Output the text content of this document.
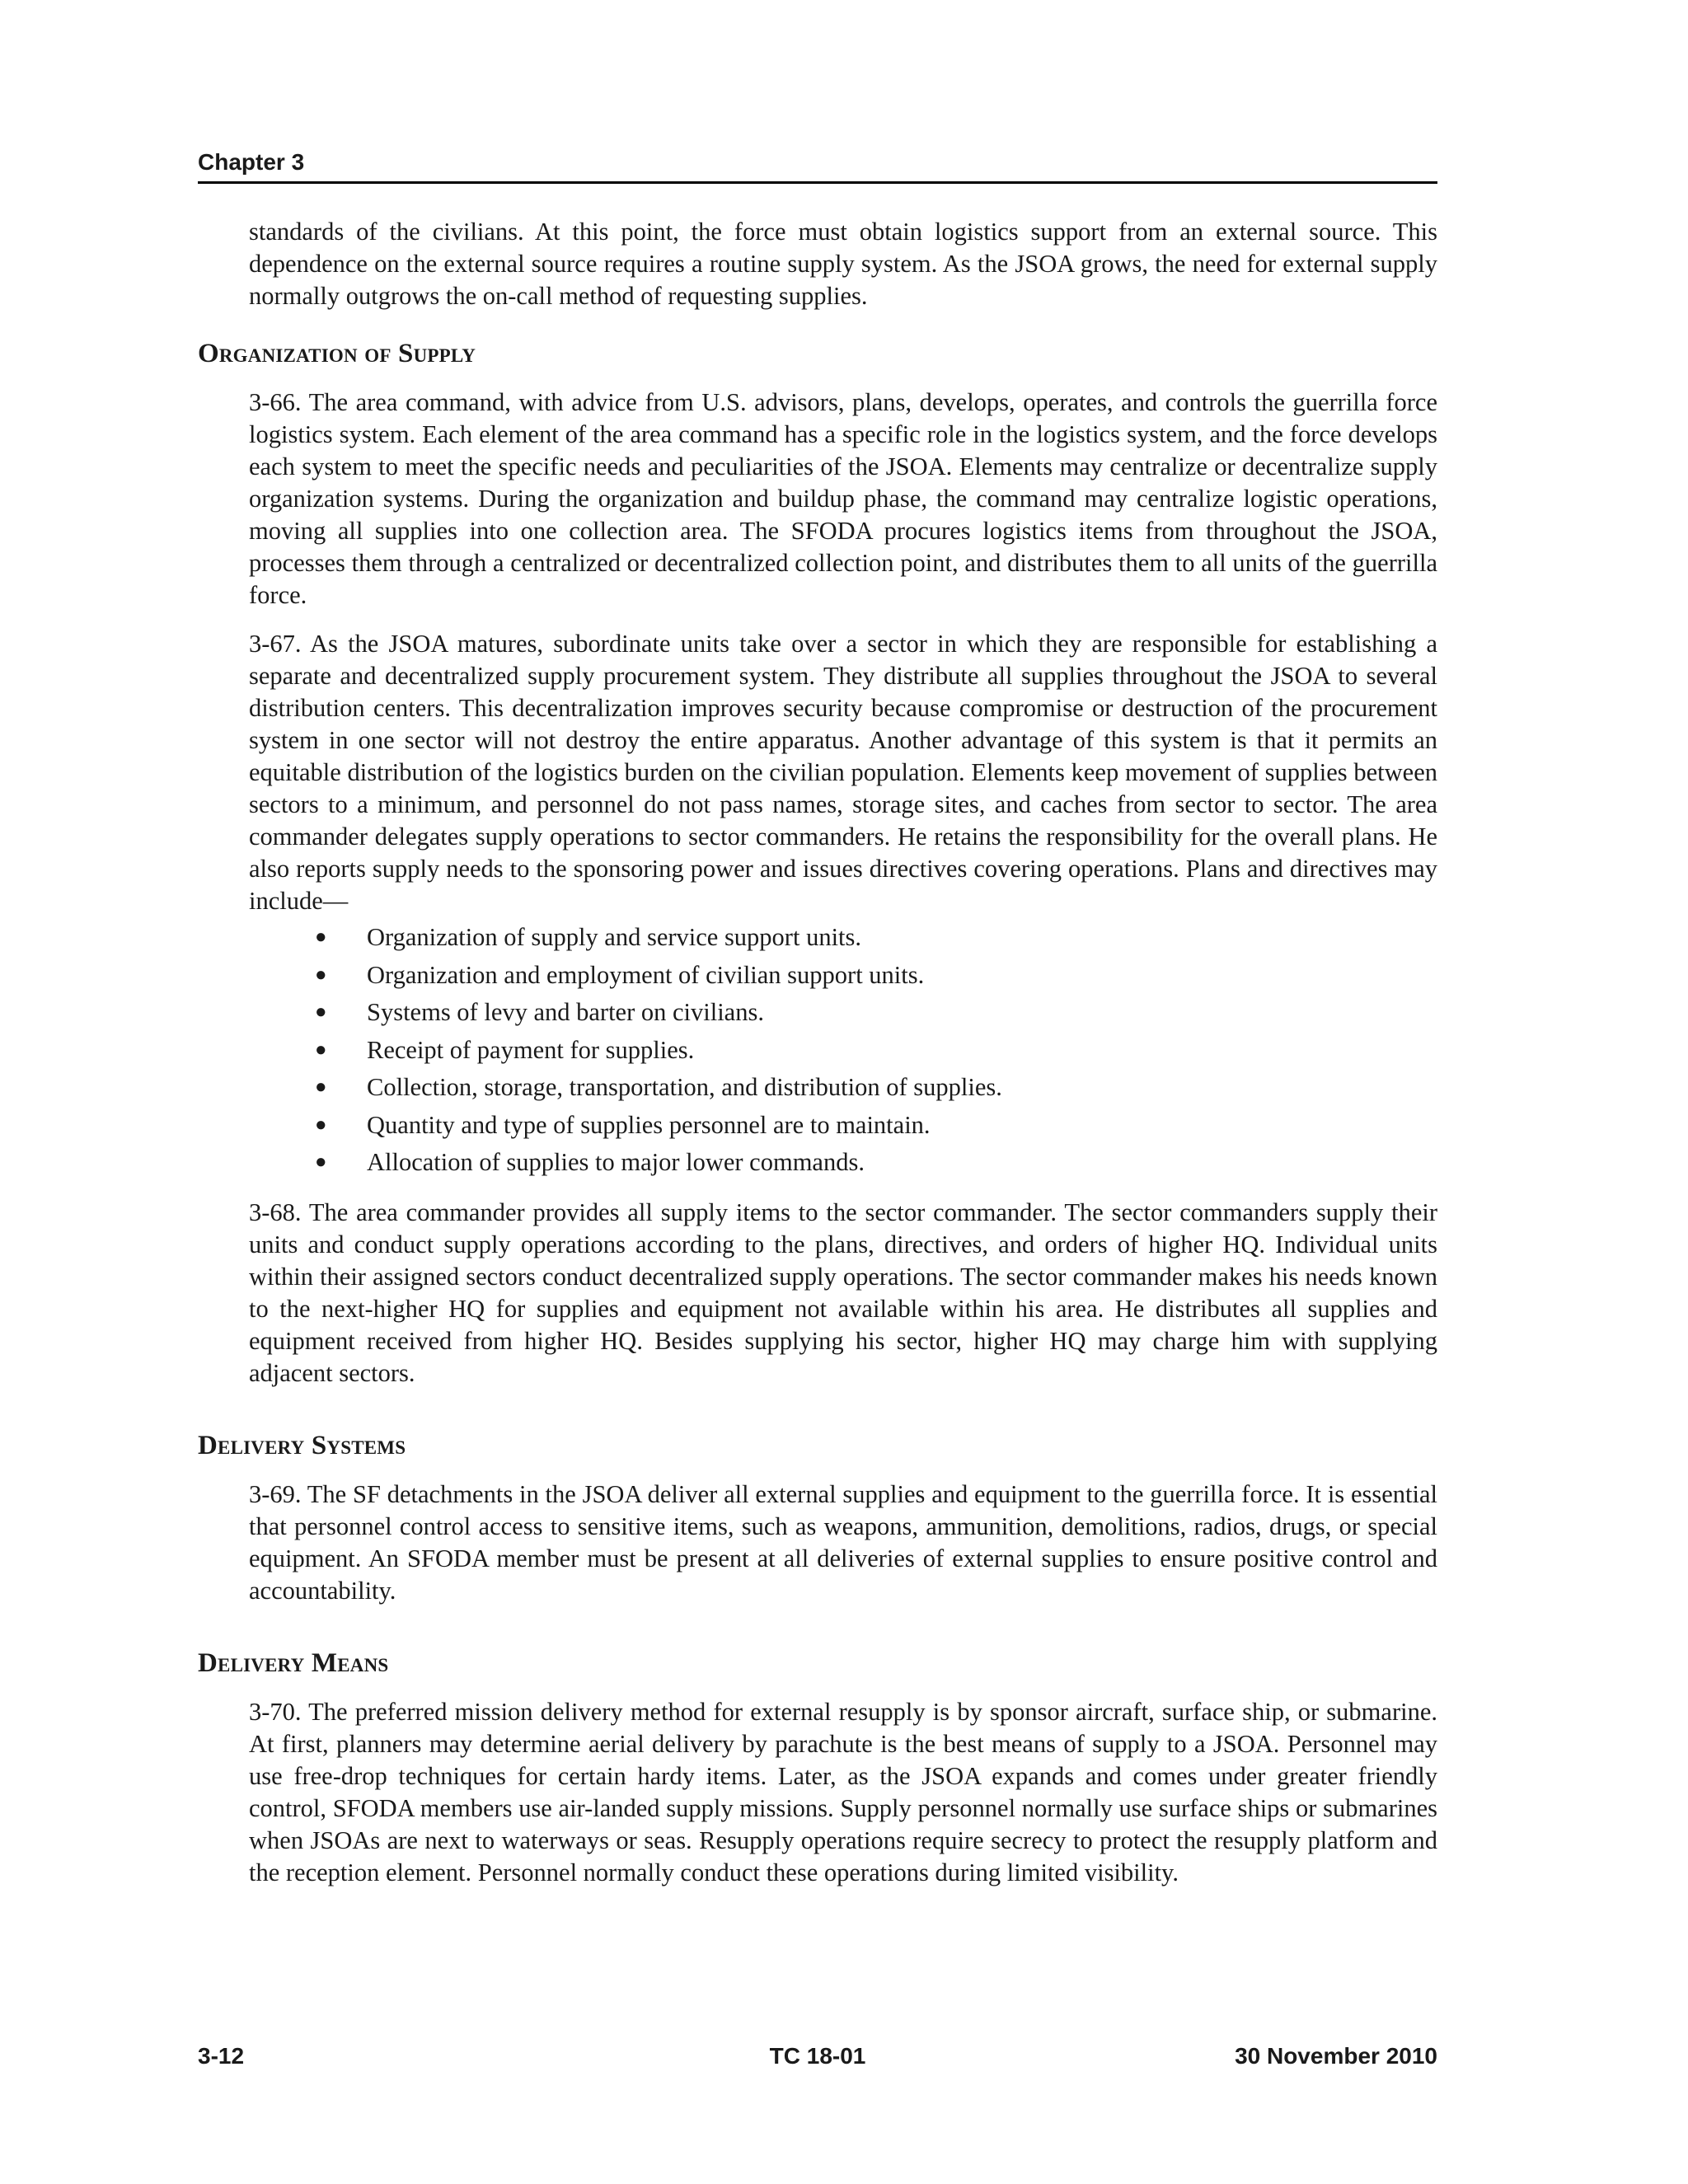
Chapter 3

standards of the civilians. At this point, the force must obtain logistics support from an external source. This dependence on the external source requires a routine supply system. As the JSOA grows, the need for external supply normally outgrows the on-call method of requesting supplies.

Organization of Supply

3-66. The area command, with advice from U.S. advisors, plans, develops, operates, and controls the guerrilla force logistics system. Each element of the area command has a specific role in the logistics system, and the force develops each system to meet the specific needs and peculiarities of the JSOA. Elements may centralize or decentralize supply organization systems. During the organization and buildup phase, the command may centralize logistic operations, moving all supplies into one collection area. The SFODA procures logistics items from throughout the JSOA, processes them through a centralized or decentralized collection point, and distributes them to all units of the guerrilla force.

3-67. As the JSOA matures, subordinate units take over a sector in which they are responsible for establishing a separate and decentralized supply procurement system. They distribute all supplies throughout the JSOA to several distribution centers. This decentralization improves security because compromise or destruction of the procurement system in one sector will not destroy the entire apparatus. Another advantage of this system is that it permits an equitable distribution of the logistics burden on the civilian population. Elements keep movement of supplies between sectors to a minimum, and personnel do not pass names, storage sites, and caches from sector to sector. The area commander delegates supply operations to sector commanders. He retains the responsibility for the overall plans. He also reports supply needs to the sponsoring power and issues directives covering operations. Plans and directives may include—

● Organization of supply and service support units.
● Organization and employment of civilian support units.
● Systems of levy and barter on civilians.
● Receipt of payment for supplies.
● Collection, storage, transportation, and distribution of supplies.
● Quantity and type of supplies personnel are to maintain.
● Allocation of supplies to major lower commands.

3-68. The area commander provides all supply items to the sector commander. The sector commanders supply their units and conduct supply operations according to the plans, directives, and orders of higher HQ. Individual units within their assigned sectors conduct decentralized supply operations. The sector commander makes his needs known to the next-higher HQ for supplies and equipment not available within his area. He distributes all supplies and equipment received from higher HQ. Besides supplying his sector, higher HQ may charge him with supplying adjacent sectors.

Delivery Systems

3-69. The SF detachments in the JSOA deliver all external supplies and equipment to the guerrilla force. It is essential that personnel control access to sensitive items, such as weapons, ammunition, demolitions, radios, drugs, or special equipment. An SFODA member must be present at all deliveries of external supplies to ensure positive control and accountability.

Delivery Means

3-70. The preferred mission delivery method for external resupply is by sponsor aircraft, surface ship, or submarine. At first, planners may determine aerial delivery by parachute is the best means of supply to a JSOA. Personnel may use free-drop techniques for certain hardy items. Later, as the JSOA expands and comes under greater friendly control, SFODA members use air-landed supply missions. Supply personnel normally use surface ships or submarines when JSOAs are next to waterways or seas. Resupply operations require secrecy to protect the resupply platform and the reception element. Personnel normally conduct these operations during limited visibility.

3-12	TC 18-01	30 November 2010
